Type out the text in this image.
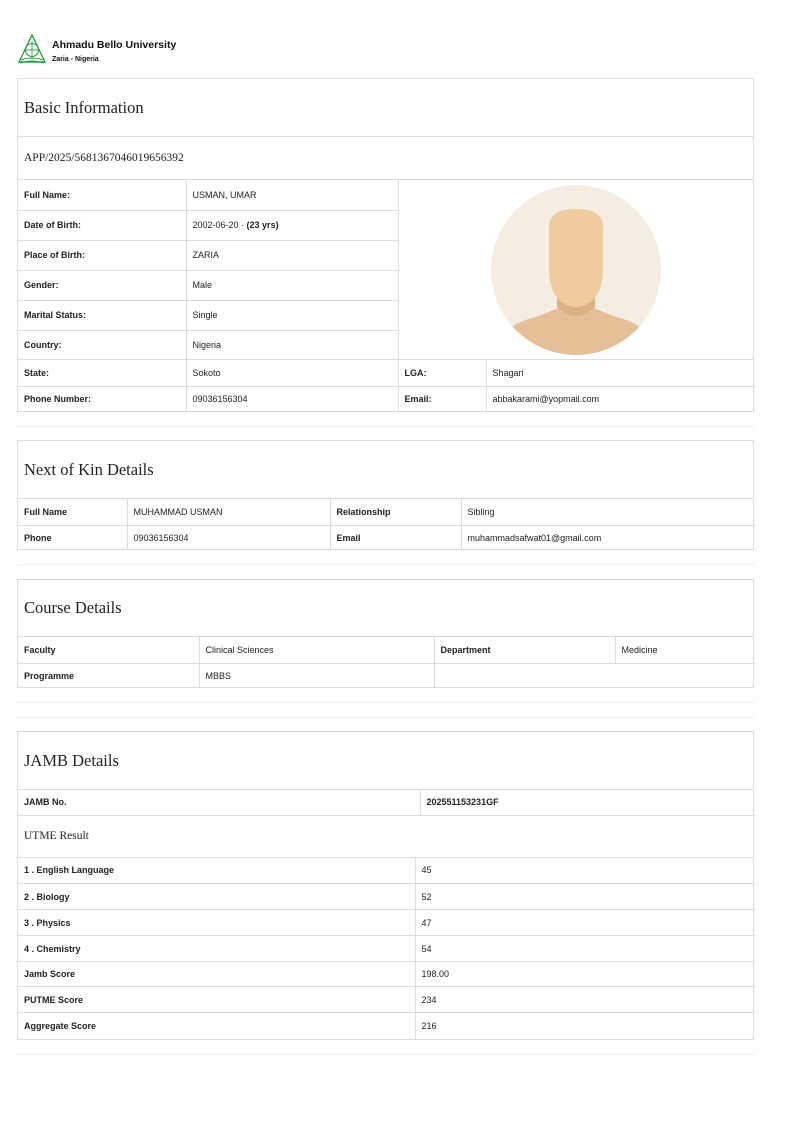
Ahmadu Bello University
Zaria - Nigeria
Basic Information
APP/2025/5681367046019656392
Full Name:	USMAN, UMAR
Date of Birth:	2002-06-20 · (23 yrs)
Place of Birth:	ZARIA
Gender:	Male
Marital Status:	Single
Country:	Nigeria
State:	Sokoto	LGA:	Shagari
Phone Number:	09036156304	Email:	abbakarami@yopmail.com
Next of Kin Details
Full Name	MUHAMMAD USMAN	Relationship	Sibling
Phone	09036156304	Email	muhammadsafwat01@gmail.com
Course Details
Faculty	Clinical Sciences	Department	Medicine
Programme	MBBS		
JAMB Details
JAMB No.	202551153231GF
UTME Result
1 . English Language	45
2 . Biology	52
3 . Physics	47
4 . Chemistry	54
Jamb Score	198.00
PUTME Score	234
Aggregate Score	216
